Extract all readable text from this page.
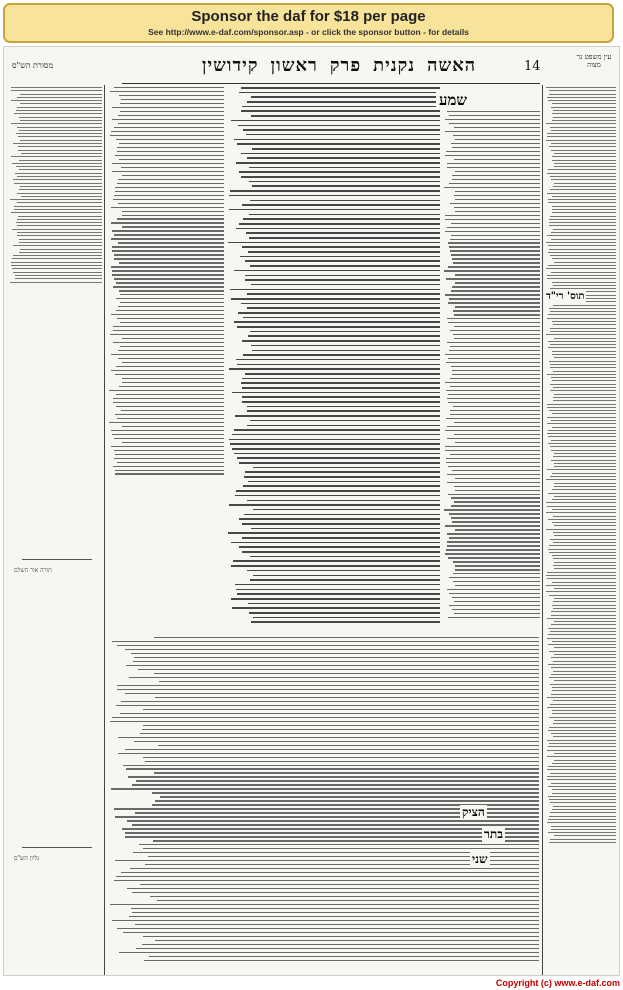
Sponsor the daf for $18 per page
See http://www.e-daf.com/sponsor.asp - or click the sponsor button - for details
האשהנקניתפרקראשוןקידושין	14
מסורת הש"ס
עין משפט נר מצוה
תורה אור השלם
גליון הש"ס
שמע
תוס' רי"ד
בתר
שני
הציק
Copyright (c) www.e-daf.com
